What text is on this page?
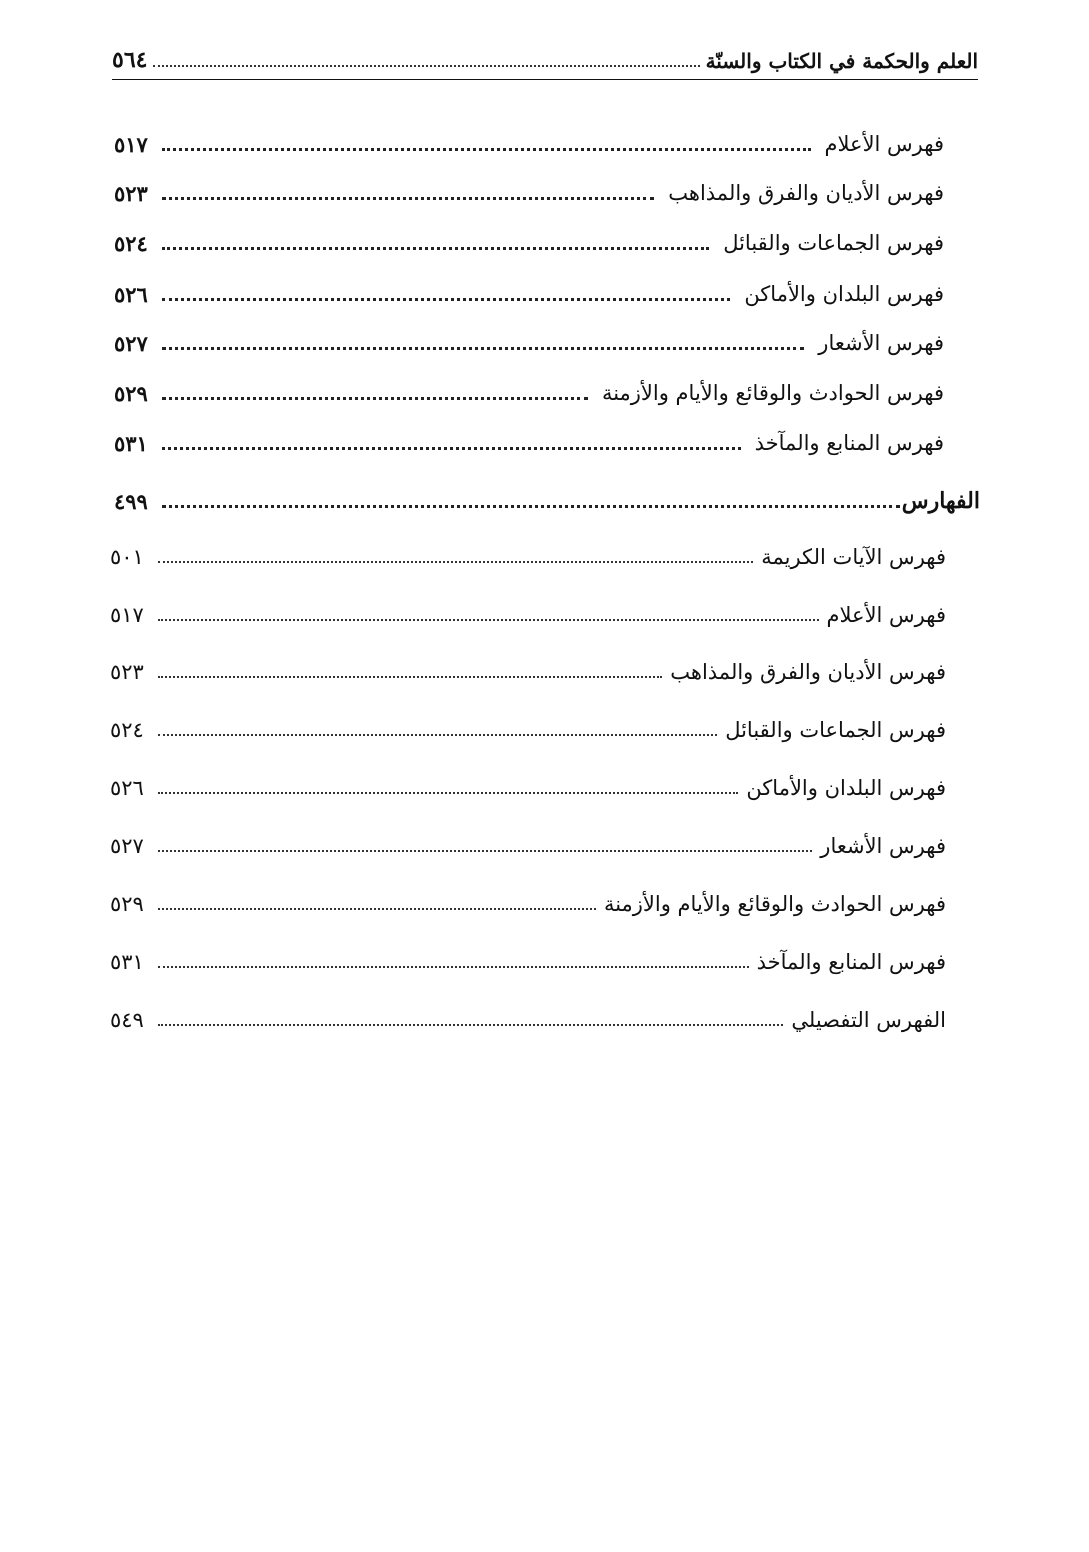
٥٦٤	العلم والحكمة في الكتاب والسنّة
٥١٧	فهرس الأعلام
٥٢٣	فهرس الأديان والفرق والمذاهب
٥٢٤	فهرس الجماعات والقبائل
٥٢٦	فهرس البلدان والأماكن
٥٢٧	فهرس الأشعار
٥٢٩	فهرس الحوادث والوقائع والأيام والأزمنة
٥٣١	فهرس المنابع والمآخذ
٤٩٩	الفهارس
٥٠١	فهرس الآيات الكريمة
٥١٧	فهرس الأعلام
٥٢٣	فهرس الأديان والفرق والمذاهب
٥٢٤	فهرس الجماعات والقبائل
٥٢٦	فهرس البلدان والأماكن
٥٢٧	فهرس الأشعار
٥٢٩	فهرس الحوادث والوقائع والأيام والأزمنة
٥٣١	فهرس المنابع والمآخذ
٥٤٩	الفهرس التفصيلي
